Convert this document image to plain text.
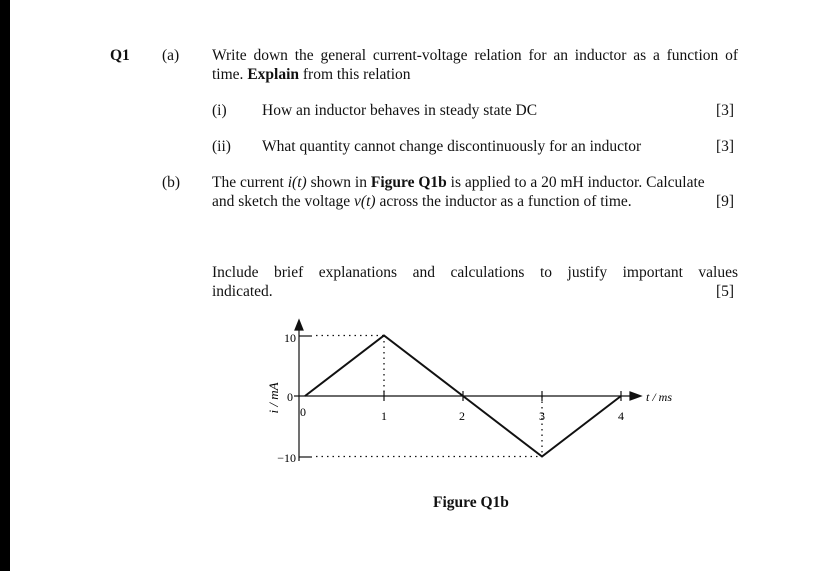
Q1 (a) Write down the general current-voltage relation for an inductor as a function of
time. Explain from this relation
(i) How an inductor behaves in steady state DC	[3]
(ii) What quantity cannot change discontinuously for an inductor	[3]
(b) The current i(t) shown in Figure Q1b is applied to a 20 mH inductor. Calculate
and sketch the voltage v(t) across the inductor as a function of time.	[9]
Include brief explanations and calculations to justify important values
indicated.	[5]
10
0
−10
0	1	2	3	4
t / ms
i / mA
Figure Q1b
